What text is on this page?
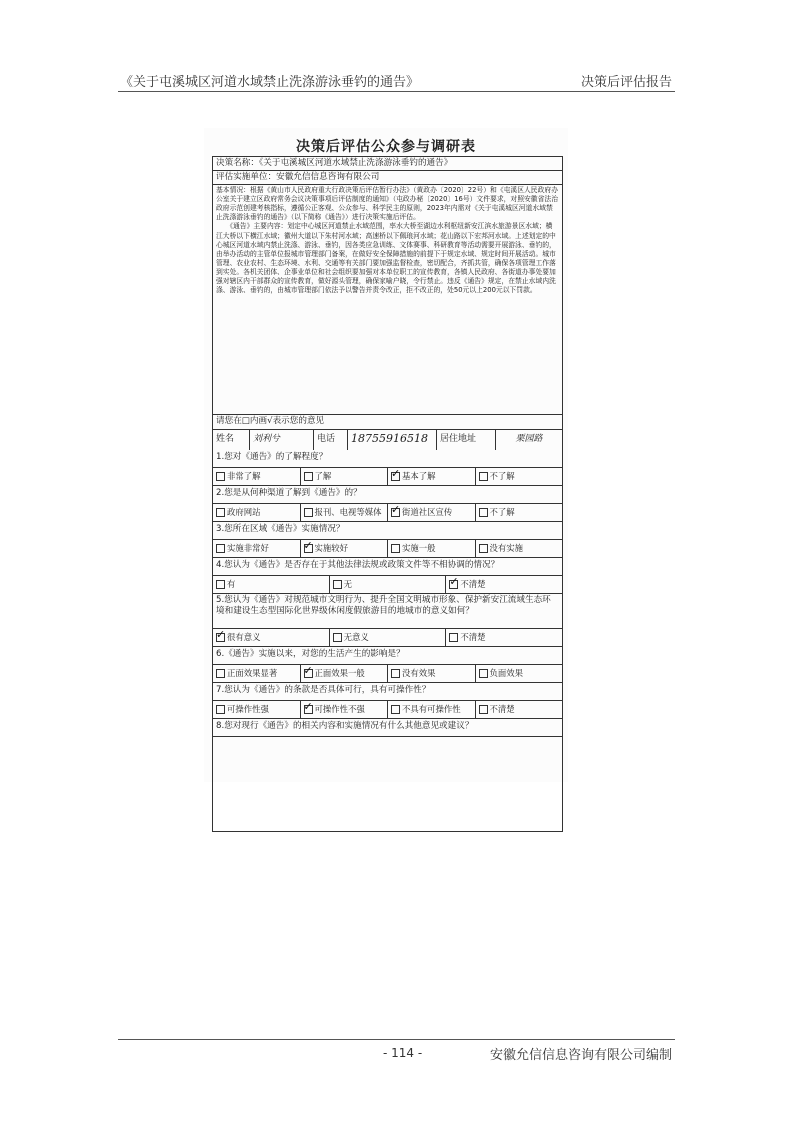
《关于屯溪城区河道水域禁止洗涤游泳垂钓的通告》	决策后评估报告
决策后评估公众参与调研表
决策名称：《关于屯溪城区河道水域禁止洗涤游泳垂钓的通告》
评估实施单位：安徽允信信息咨询有限公司

基本情况：根据《黄山市人民政府重大行政决策后评估暂行办法》（黄政办〔2020〕22号）和《屯溪区人民政府办公室关于建立区政府常务会议决策事项后评估制度的通知》（屯政办秘〔2020〕16号）文件要求，对照安徽省法治政府示范创建考核指标，遵循公正客观、公众参与、科学民主的原则，2023年内需对《关于屯溪城区河道水域禁止洗涤游泳垂钓的通告》（以下简称《通告》）进行决策实施后评估。

《通告》主要内容：划定中心城区河道禁止水域范围，率水大桥至湖边水利枢纽新安江滨水旅游景区水域；横江大桥以下横江水域；徽州大道以下朱村河水域；高速桥以下佩琅河水域；花山路以下宏邦河水域。上述划定的中心城区河道水域内禁止洗涤、游泳、垂钓，因各类应急训练、文体赛事、科研教育等活动需要开展游泳、垂钓的，由举办活动的主管单位报城市管理部门备案，在做好安全保障措施的前提下于规定水域、规定时间开展活动。城市管理、农业农村、生态环境、水利、交通等有关部门要加强监督检查，密切配合，齐抓共管，确保各项管理工作落到实处。各机关团体、企事业单位和社会组织要加强对本单位职工的宣传教育，各镇人民政府、各街道办事处要加强对辖区内干部群众的宣传教育，做好源头管理，确保家喻户晓，令行禁止。违反《通告》规定，在禁止水域内洗涤、游泳、垂钓的，由城市管理部门依法予以警告并责令改正，拒不改正的，处50元以上200元以下罚款。

请您在□内画√表示您的意见
姓名	刘利兮	电话	18755916518	居住地址	栗园路
1.您对《通告》的了解程度？
非常了解	了解 ✓	基本了解	不了解
2.您是从何种渠道了解到《通告》的？
政府网站	报刊、电视等媒体 ✓ 街道社区宣传	不了解
3.您所在区域《通告》实施情况？
实施非常好 ✓	实施较好	实施一般	没有实施
4.您认为《通告》是否存在于其他法律法规或政策文件等不相协调的情况？
有	无 ✓	不清楚
5.您认为《通告》对规范城市文明行为、提升全国文明城市形象、保护新安江流域生态环境和建设生态型国际化世界级休闲度假旅游目的地城市的意义如何？
✓
很有意义	无意义	不清楚
6.《通告》实施以来，对您的生活产生的影响是？
正面效果显著 ✓	正面效果一般	没有效果	负面效果
7.您认为《通告》的条款是否具体可行，具有可操作性？
可操作性强 ✓	可操作性不强	不具有可操作性	不清楚
8.您对现行《通告》的相关内容和实施情况有什么其他意见或建议？
- 114 -	安徽允信信息咨询有限公司编制
